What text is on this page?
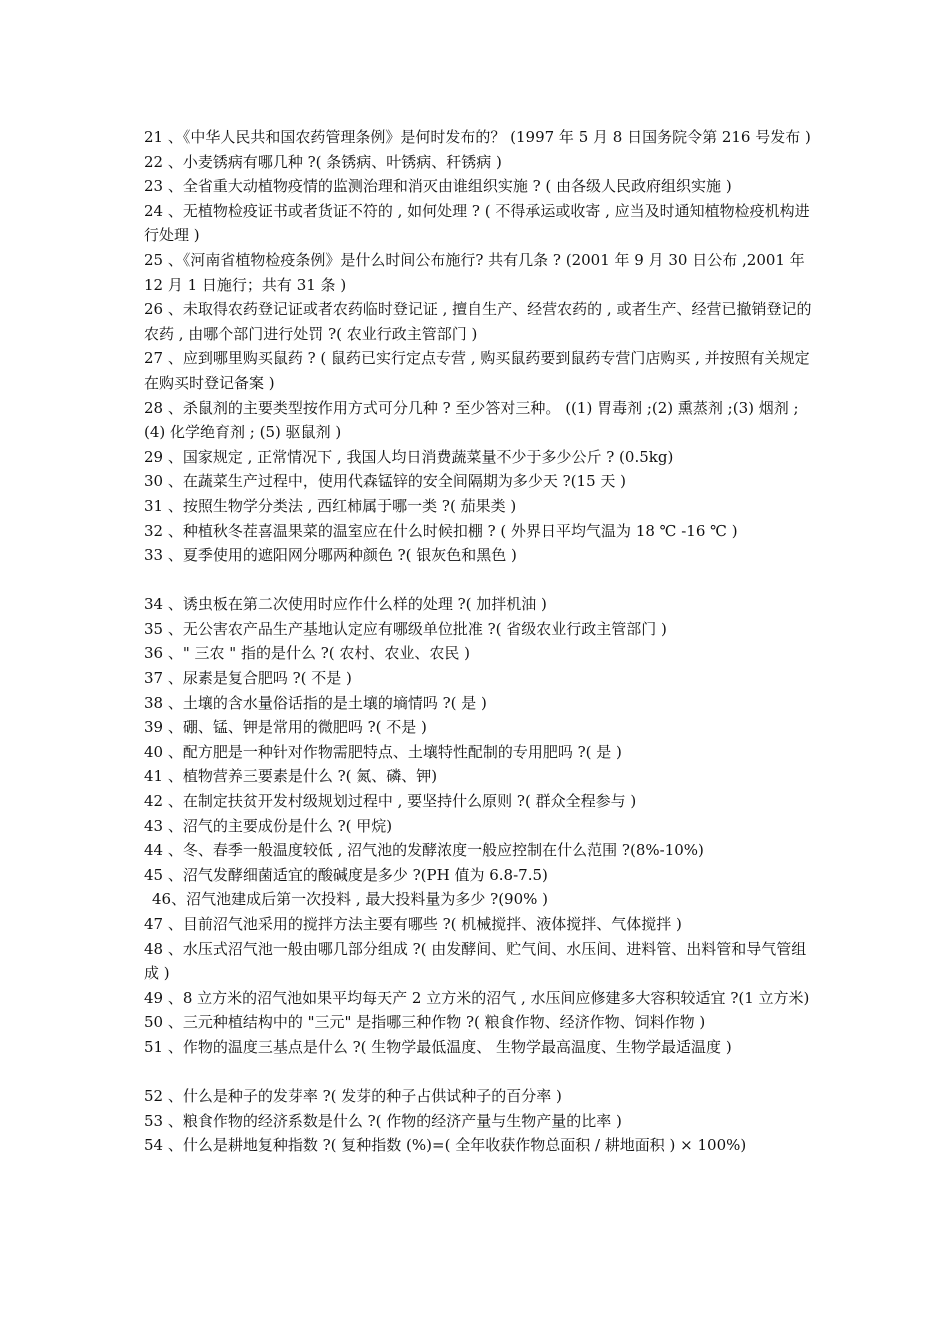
21 、《中华人民共和国农药管理条例》是何时发布的？ (1997 年 5 月 8 日国务院令第 216 号发布 )

22 、小麦锈病有哪几种 ?( 条锈病、叶锈病、秆锈病 )

23 、全省重大动植物疫情的监测治理和消灭由谁组织实施 ? ( 由各级人民政府组织实施 )

24 、无植物检疫证书或者货证不符的 , 如何处理 ? ( 不得承运或收寄 , 应当及时通知植物检疫机构进行处理 )

25 、《河南省植物检疫条例》是什么时间公布施行? 共有几条 ? (2001 年 9 月 30 日公布 ,2001 年 12 月 1 日施行；共有 31 条 )

26 、未取得农药登记证或者农药临时登记证 , 擅自生产、经营农药的 , 或者生产、经营已撤销登记的农药 , 由哪个部门进行处罚 ?( 农业行政主管部门 )

27 、应到哪里购买鼠药 ? ( 鼠药已实行定点专营 , 购买鼠药要到鼠药专营门店购买 , 并按照有关规定在购买时登记备案 )

28 、杀鼠剂的主要类型按作用方式可分几种 ? 至少答对三种。 ((1) 胃毒剂 ;(2) 熏蒸剂 ;(3) 烟剂 ;(4) 化学绝育剂 ; (5) 驱鼠剂 )

29 、国家规定 , 正常情况下 , 我国人均日消费蔬菜量不少于多少公斤 ? (0.5kg)

30 、在蔬菜生产过程中，使用代森锰锌的安全间隔期为多少天 ?(15 天 )

31 、按照生物学分类法 , 西红柿属于哪一类 ?( 茄果类 )

32 、种植秋冬茬喜温果菜的温室应在什么时候扣棚 ? ( 外界日平均气温为 18 ℃ -16 ℃ )

33 、夏季使用的遮阳网分哪两种颜色 ?( 银灰色和黑色 )

34 、诱虫板在第二次使用时应作什么样的处理 ?( 加拌机油 )

35 、无公害农产品生产基地认定应有哪级单位批准 ?( 省级农业行政主管部门 )

36 、" 三农 " 指的是什么 ?( 农村、农业、农民 )

37 、尿素是复合肥吗 ?( 不是 )

38 、土壤的含水量俗话指的是土壤的墒情吗 ?( 是 )

39 、硼、锰、钾是常用的微肥吗 ?( 不是 )

40 、配方肥是一种针对作物需肥特点、土壤特性配制的专用肥吗 ?( 是 )

41 、植物营养三要素是什么 ?( 氮、磷、钾)

42 、在制定扶贫开发村级规划过程中 , 要坚持什么原则 ?( 群众全程参与 )

43 、沼气的主要成份是什么 ?( 甲烷)

44 、冬、春季一般温度较低 , 沼气池的发酵浓度一般应控制在什么范围 ?(8%-10%)

45 、沼气发酵细菌适宜的酸碱度是多少 ?(PH 值为 6.8-7.5)

46、沼气池建成后第一次投料 , 最大投料量为多少 ?(90% )

47 、目前沼气池采用的搅拌方法主要有哪些 ?( 机械搅拌、液体搅拌、气体搅拌 )

48 、水压式沼气池一般由哪几部分组成 ?( 由发酵间、贮气间、水压间、进料管、出料管和导气管组成 )

49 、8 立方米的沼气池如果平均每天产 2 立方米的沼气 , 水压间应修建多大容积较适宜 ?(1 立方米)

50 、三元种植结构中的 "三元" 是指哪三种作物 ?( 粮食作物、经济作物、饲料作物 )

51 、作物的温度三基点是什么 ?( 生物学最低温度、 生物学最高温度、生物学最适温度 )

52 、什么是种子的发芽率 ?( 发芽的种子占供试种子的百分率 )

53 、粮食作物的经济系数是什么 ?( 作物的经济产量与生物产量的比率 )

54 、什么是耕地复种指数 ?( 复种指数 (%)=( 全年收获作物总面积 / 耕地面积 ) × 100%)
